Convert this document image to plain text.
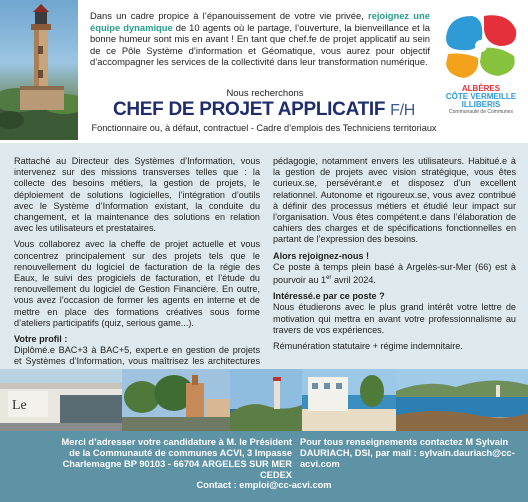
Dans un cadre propice à l’épanouissement de votre vie privée, rejoignez une équipe dynamique de 10 agents où le partage, l’ouverture, la bienveillance et la bonne humeur sont mis en avant ! En tant que chef.fe de projet applicatif au sein de ce Pôle Système d’information et Géomatique, vous aurez pour objectif d’accompagner les services de la collectivité dans leur transformation numérique.

ALBÈRES
CÔTE VERMEILLE
ILLIBERIS
Communauté de Communes
Nous recherchons
CHEF DE PROJET APPLICATIF F/H
Fonctionnaire ou, à défaut, contractuel - Cadre d’emplois des Techniciens territoriaux

Rattaché au Directeur des Systèmes d’Information, vous intervenez sur des missions transverses telles que : la collecte des besoins métiers, la gestion de projets, le déploiement de solutions logicielles, l’intégration d’outils avec le Système d’Information existant, la conduite du changement, et la maintenance des solutions en relation avec les utilisateurs et prestataires.

Vous collaborez avec la cheffe de projet actuelle et vous concentrez principalement sur des projets tels que le renouvellement du logiciel de facturation de la régie des Eaux, le suivi des progiciels de facturation, et l’étude du renouvellement du logiciel de Gestion Financière. En outre, vous avez l’occasion de former les agents en interne et de mettre en place des formations créatives sous forme d’ateliers participatifs (quiz, serious game...).

Votre profil :

Diplômé.e BAC+3 à BAC+5, expert.e en gestion de projets et Systèmes d’Information, vous maîtrisez les architectures

pédagogie, notamment envers les utilisateurs. Habitué.e à la gestion de projets avec vision stratégique, vous êtes curieux.se, persévérant.e et disposez d’un excellent relationnel. Autonome et rigoureux.se, vous avez contribué à définir des processus métiers et étudié leur impact sur l’organisation. Vous êtes compétent.e dans l’élaboration de cahiers des charges et de spécifications fonctionnelles en partant de l’expression des besoins.

Alors rejoignez-nous !

Ce poste à temps plein basé à Argelès-sur-Mer (66) est à pourvoir au 1er avril 2024.

Intéressé.e par ce poste ?

Nous étudierons avec le plus grand intérêt votre lettre de motivation qui mettra en avant votre professionnalisme au travers de vos expériences.

Rémunération statutaire + régime indemnitaire.

Le
Merci d’adresser votre candidature à M. le Président de la Communauté de communes ACVI, 3 Impasse Charlemagne BP 90103 - 66704 ARGELES SUR MER CEDEX
Pour tous renseignements contactez M Sylvain DAURIACH, DSI, par mail : sylvain.dauriach@cc-acvi.com
Contact : emploi@cc-acvi.com
